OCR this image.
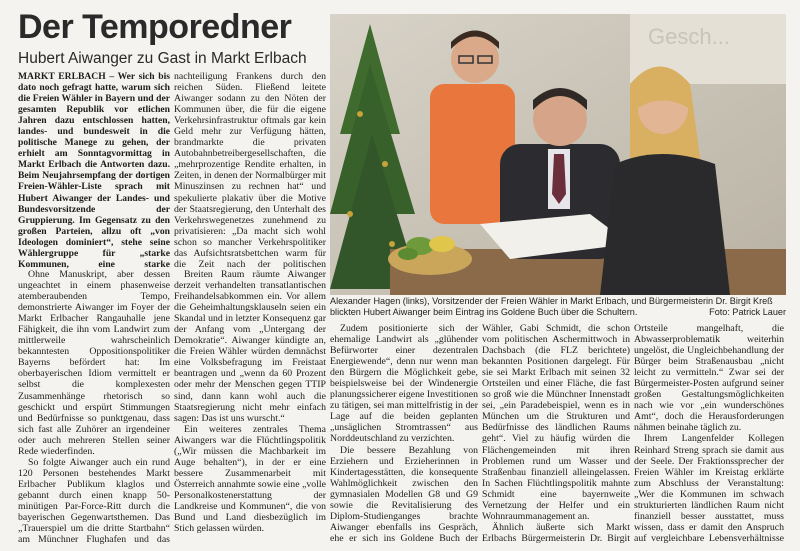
Der Temporedner
Hubert Aiwanger zu Gast in Markt Erlbach

MARKT ERLBACH – Wer sich bis dato noch gefragt hatte, warum sich die Freien Wähler in Bayern und der gesamten Republik vor etlichen Jahren dazu entschlossen hatten, landes- und bundesweit in die politische Manege zu gehen, der erhielt am Sonntagvormittag in Markt Erlbach die Antworten dazu. Beim Neujahrsempfang der dortigen Freien-Wähler-Liste sprach mit Hubert Aiwanger der Landes- und Bundesvorsitzende der Gruppierung. Im Gegensatz zu den großen Parteien, allzu oft „von Ideologen dominiert“, stehe seine Wählergruppe für „starke Kommunen, eine starke

nachteiligung Frankens durch den reichen Süden. Fließend leitete Aiwanger sodann zu den Nöten der Kommunen über, die für die eigene Verkehrsinfrastruktur oftmals gar kein Geld mehr zur Verfügung hätten, brandmarkte die privaten Autobahnbetreibergesellschaften, die „mehrprozentige Rendite erhalten, in Zeiten, in denen der Normalbürger mit Minuszinsen zu rechnen hat“ und spekulierte plakativ über die Motive der Staatsregierung, den Unterhalt des Verkehrswegenetzes zunehmend zu privatisieren: „Da macht sich wohl schon so mancher Verkehrspolitiker das Aufsichtsratsbettchen warm für die Zeit nach der politischen

Ohne Manuskript, aber dessen ungeachtet in einem phasenweise atemberaubenden Tempo, demonstrierte Aiwanger im Foyer der Markt Erlbacher Rangauhalle jene Fähigkeit, die ihn vom Landwirt zum mittlerweile wahrscheinlich bekanntesten Oppositionspolitiker Bayerns befördert hat: Im oberbayerischen Idiom vermittelt er selbst die komplexesten Zusammenhänge rhetorisch so geschickt und erspürt Stimmungen und Bedürfnisse so punktgenau, dass sich fast alle Zuhörer an irgendeiner oder auch mehreren Stellen seiner Rede wiederfinden.

So folgte Aiwanger auch ein rund 120 Personen bestehendes Markt Erlbacher Publikum klaglos und gebannt durch einen knapp 50-minütigen Par-Force-Ritt durch die bayerischen Gegenwartsthemen. Das „Trauerspiel um die dritte Startbahn“ am Münchner Flughafen und das

Breiten Raum räumte Aiwanger derzeit verhandelten transatlantischen Freihandelsabkommen ein. Vor allem die Geheimhaltungsklauseln seien ein Skandal und in letzter Konsequenz gar der Anfang vom „Untergang der Demokratie“. Aiwanger kündigte an, die Freien Wähler würden demnächst eine Volksbefragung im Freistaat beantragen und „wenn da 60 Prozent oder mehr der Menschen gegen TTIP sind, dann kann wohl auch die Staatsregierung nicht mehr einfach sagen: Das ist uns wurscht.“

Ein weiteres zentrales Thema Aiwangers war die Flüchtlingspolitik („Wir müssen die Machbarkeit im Auge behalten“), in der er eine bessere Zusammenarbeit mit Österreich annahmte sowie eine „volle Personalkostenerstattung der Landkreise und Kommunen“, die von Bund und Land diesbezüglich im Stich gelassen würden.

Gesch...
Alexander Hagen (links), Vorsitzender der Freien Wähler in Markt Erlbach, und Bürgermeisterin Dr. Birgit Kreß blickten Hubert Aiwanger beim Eintrag ins Goldene Buch über die Schultern.	Foto: Patrick Lauer

Zudem positionierte sich der ehemalige Landwirt als „glühender Befürworter einer dezentralen Energiewende“, denn nur wenn man den Bürgern die Möglichkeit gebe, beispielsweise bei der Windenergie planungssicherer eigene Investitionen zu tätigen, sei man mittelfristig in der Lage auf die beiden geplanten „unsäglichen Stromtrassen“ aus Norddeutschland zu verzichten.

Die bessere Bezahlung von Erziehern und Erzieherinnen in Kindertagesstätten, die konsequente Wahlmöglichkeit zwischen den gymnasialen Modellen G8 und G9 sowie die Revitalisierung des Diplom-Studienganges brachte Aiwanger ebenfalls ins Gespräch, ehe er sich ins Goldene Buch der

Wähler, Gabi Schmidt, die schon vom politischen Aschermittwoch in Dachsbach (die FLZ berichtete) bekannten Positionen dargelegt. Für sie sei Markt Erlbach mit seinen 32 Ortsteilen und einer Fläche, die fast so groß wie die Münchner Innenstadt sei, „ein Paradebeispiel, wenn es in München um die Strukturen und Bedürfnisse des ländlichen Raums geht“. Viel zu häufig würden die Flächengemeinden mit ihren Problemen rund um Wasser und Straßenbau finanziell alleingelassen. In Sachen Flüchtlingspolitik mahnte Schmidt eine bayernweite Vernetzung der Helfer und ein Wohnraummanagement an.

Ähnlich äußerte sich Markt Erlbachs Bürgermeisterin Dr. Birgit

Ortsteile mangelhaft, die Abwasserproblematik weiterhin ungelöst, die Ungleichbehandlung der Bürger beim Straßenausbau „nicht leicht zu vermitteln.“ Zwar sei der Bürgermeister-Posten aufgrund seiner großen Gestaltungsmöglichkeiten nach wie vor „ein wunderschönes Amt“, doch die Herausforderungen nähmen beinahe täglich zu.

Ihrem Langenfelder Kollegen Reinhard Streng sprach sie damit aus der Seele. Der Fraktionssprecher der Freien Wähler im Kreistag erklärte zum Abschluss der Veranstaltung: „Wer die Kommunen im schwach strukturierten ländlichen Raum nicht finanziell besser ausstattet, muss wissen, dass er damit den Anspruch auf vergleichbare Lebensverhältnisse
